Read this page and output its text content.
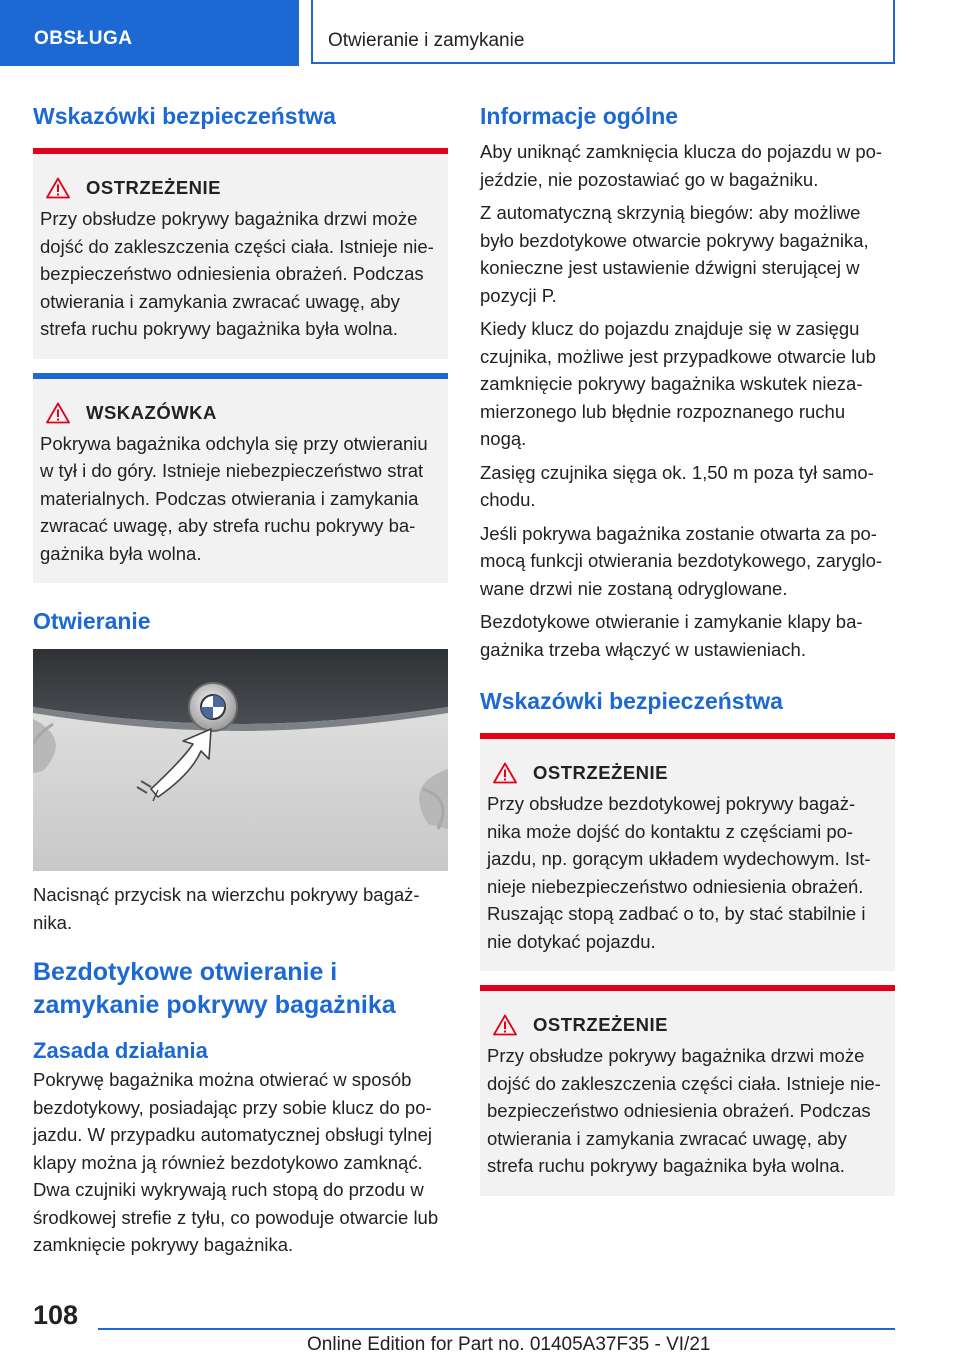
OBSŁUGA	Otwieranie i zamykanie
Wskazówki bezpieczeństwa
OSTRZEŻENIE

Przy obsłudze pokrywy bagażnika drzwi może dojść do zakleszczenia części ciała. Istnieje nie-bezpieczeństwo odniesienia obrażeń. Podczas otwierania i zamykania zwracać uwagę, aby strefa ruchu pokrywy bagażnika była wolna.

WSKAZÓWKA

Pokrywa bagażnika odchyla się przy otwieraniu w tył i do góry. Istnieje niebezpieczeństwo strat materialnych. Podczas otwierania i zamykania zwracać uwagę, aby strefa ruchu pokrywy ba-gażnika była wolna.

Otwieranie

Nacisnąć przycisk na wierzchu pokrywy bagaż-nika.

Bezdotykowe otwieranie i zamykanie pokrywy bagażnika
Zasada działania

Pokrywę bagażnika można otwierać w sposób bezdotykowy, posiadając przy sobie klucz do po-jazdu. W przypadku automatycznej obsługi tylnej klapy można ją również bezdotykowo zamknąć. Dwa czujniki wykrywają ruch stopą do przodu w środkowej strefie z tyłu, co powoduje otwarcie lub zamknięcie pokrywy bagażnika.

Informacje ogólne

Aby uniknąć zamknięcia klucza do pojazdu w po-jeździe, nie pozostawiać go w bagażniku.

Z automatyczną skrzynią biegów: aby możliwe było bezdotykowe otwarcie pokrywy bagażnika, konieczne jest ustawienie dźwigni sterującej w pozycji P.

Kiedy klucz do pojazdu znajduje się w zasięgu czujnika, możliwe jest przypadkowe otwarcie lub zamknięcie pokrywy bagażnika wskutek nieza-mierzonego lub błędnie rozpoznanego ruchu nogą.

Zasięg czujnika sięga ok. 1,50 m poza tył samo-chodu.

Jeśli pokrywa bagażnika zostanie otwarta za po-mocą funkcji otwierania bezdotykowego, zaryglo-wane drzwi nie zostaną odryglowane.

Bezdotykowe otwieranie i zamykanie klapy ba-gażnika trzeba włączyć w ustawieniach.

Wskazówki bezpieczeństwa
OSTRZEŻENIE

Przy obsłudze bezdotykowej pokrywy bagaż-nika może dojść do kontaktu z częściami po-jazdu, np. gorącym układem wydechowym. Ist-nieje niebezpieczeństwo odniesienia obrażeń. Ruszając stopą zadbać o to, by stać stabilnie i nie dotykać pojazdu.

OSTRZEŻENIE

Przy obsłudze pokrywy bagażnika drzwi może dojść do zakleszczenia części ciała. Istnieje nie-bezpieczeństwo odniesienia obrażeń. Podczas otwierania i zamykania zwracać uwagę, aby strefa ruchu pokrywy bagażnika była wolna.

108
Online Edition for Part no. 01405A37F35 - VI/21
